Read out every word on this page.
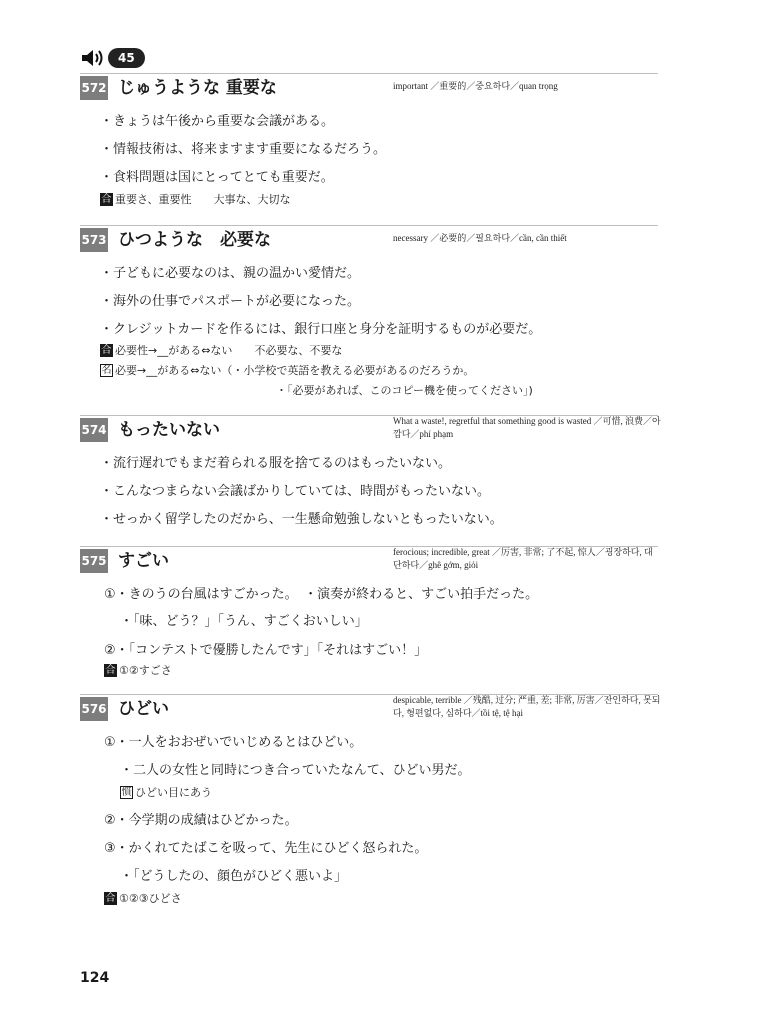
45
572 じゅうような 重要な	important ／重要的／중요하다／quan trọng
・きょうは午後から重要な会議がある。
・情報技術は、将来ますます重要になるだろう。
・食料問題は国にとってとても重要だ。
合 重要さ、重要性　　大事な、大切な
573 ひつような　必要な	necessary ／必要的／필요하다／cần, cần thiết
・子どもに必要なのは、親の温かい愛情だ。
・海外の仕事でパスポートが必要になった。
・クレジットカードを作るには、銀行口座と身分を証明するものが必要だ。
合 必要性→__がある⇔ない　　不必要な、不要な
名 必要→__がある⇔ない（・小学校で英語を教える必要があるのだろうか。
・「必要があれば、このコピー機を使ってください」)
574 もったいない	What a waste!, regretful that something good is wasted ／可惜, 浪费／아깝다／phí phạm
・流行遅れでもまだ着られる服を捨てるのはもったいない。
・こんなつまらない会議ばかりしていては、時間がもったいない。
・せっかく留学したのだから、一生懸命勉強しないともったいない。
575 すごい	ferocious; incredible, great ／厉害, 非常; 了不起, 惊人／굉장하다, 대단하다／ghê gớm, giỏi
①・きのうの台風はすごかった。　・演奏が終わると、すごい拍手だった。
・「味、どう？」「うん、すごくおいしい」
②・「コンテストで優勝したんです」「それはすごい！」
合 ①②すごさ
576 ひどい	despicable, terrible ／残酷, 过分; 严重, 差; 非常, 厉害／잔인하다, 못되다, 형편없다, 심하다／tồi tệ, tệ hại
①・一人をおおぜいでいじめるとはひどい。
・二人の女性と同時につき合っていたなんて、ひどい男だ。
慣 ひどい目にあう
②・今学期の成績はひどかった。
③・かくれてたばこを吸って、先生にひどく怒られた。
・「どうしたの、顔色がひどく悪いよ」
合 ①②③ひどさ
124
